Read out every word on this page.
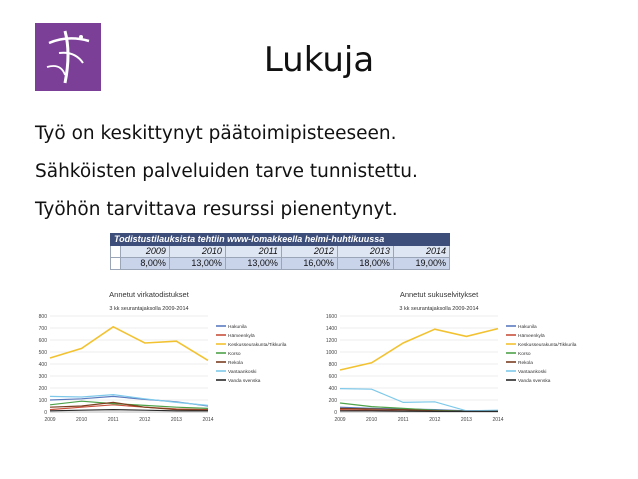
Lukuja
Työ on keskittynyt päätoimipisteeseen.
Sähköisten palveluiden tarve tunnistettu.
Työhön tarvittava resurssi pienentynyt.
Todistustilauksista tehtiin www-lomakkeella helmi-huhtikuussa						
	2009	2010	2011	2012	2013	2014
	8,00%	13,00%	13,00%	16,00%	18,00%	19,00%
Annetut virkatodistukset
3 kk seurantajaksolla 2009-2014
0
100
200
300
400
500
600
700
800
2009	2010	2011	2012	2013	2014
Hakunila
Hämeenkylä
Keskusseurakunta/Tikkurila
Korso
Rekola
Vantaankoski
Vanda svenska
Annetut sukuselvitykset
3 kk seurantajaksolla 2009-2014
0
200
400
600
800
1000
1200
1400
1600
2009	2010	2011	2012	2013	2014
Hakunila
Hämeenkylä
Keskusseurakunta/Tikkurila
Korso
Rekola
Vantaankoski
Vanda svenska
